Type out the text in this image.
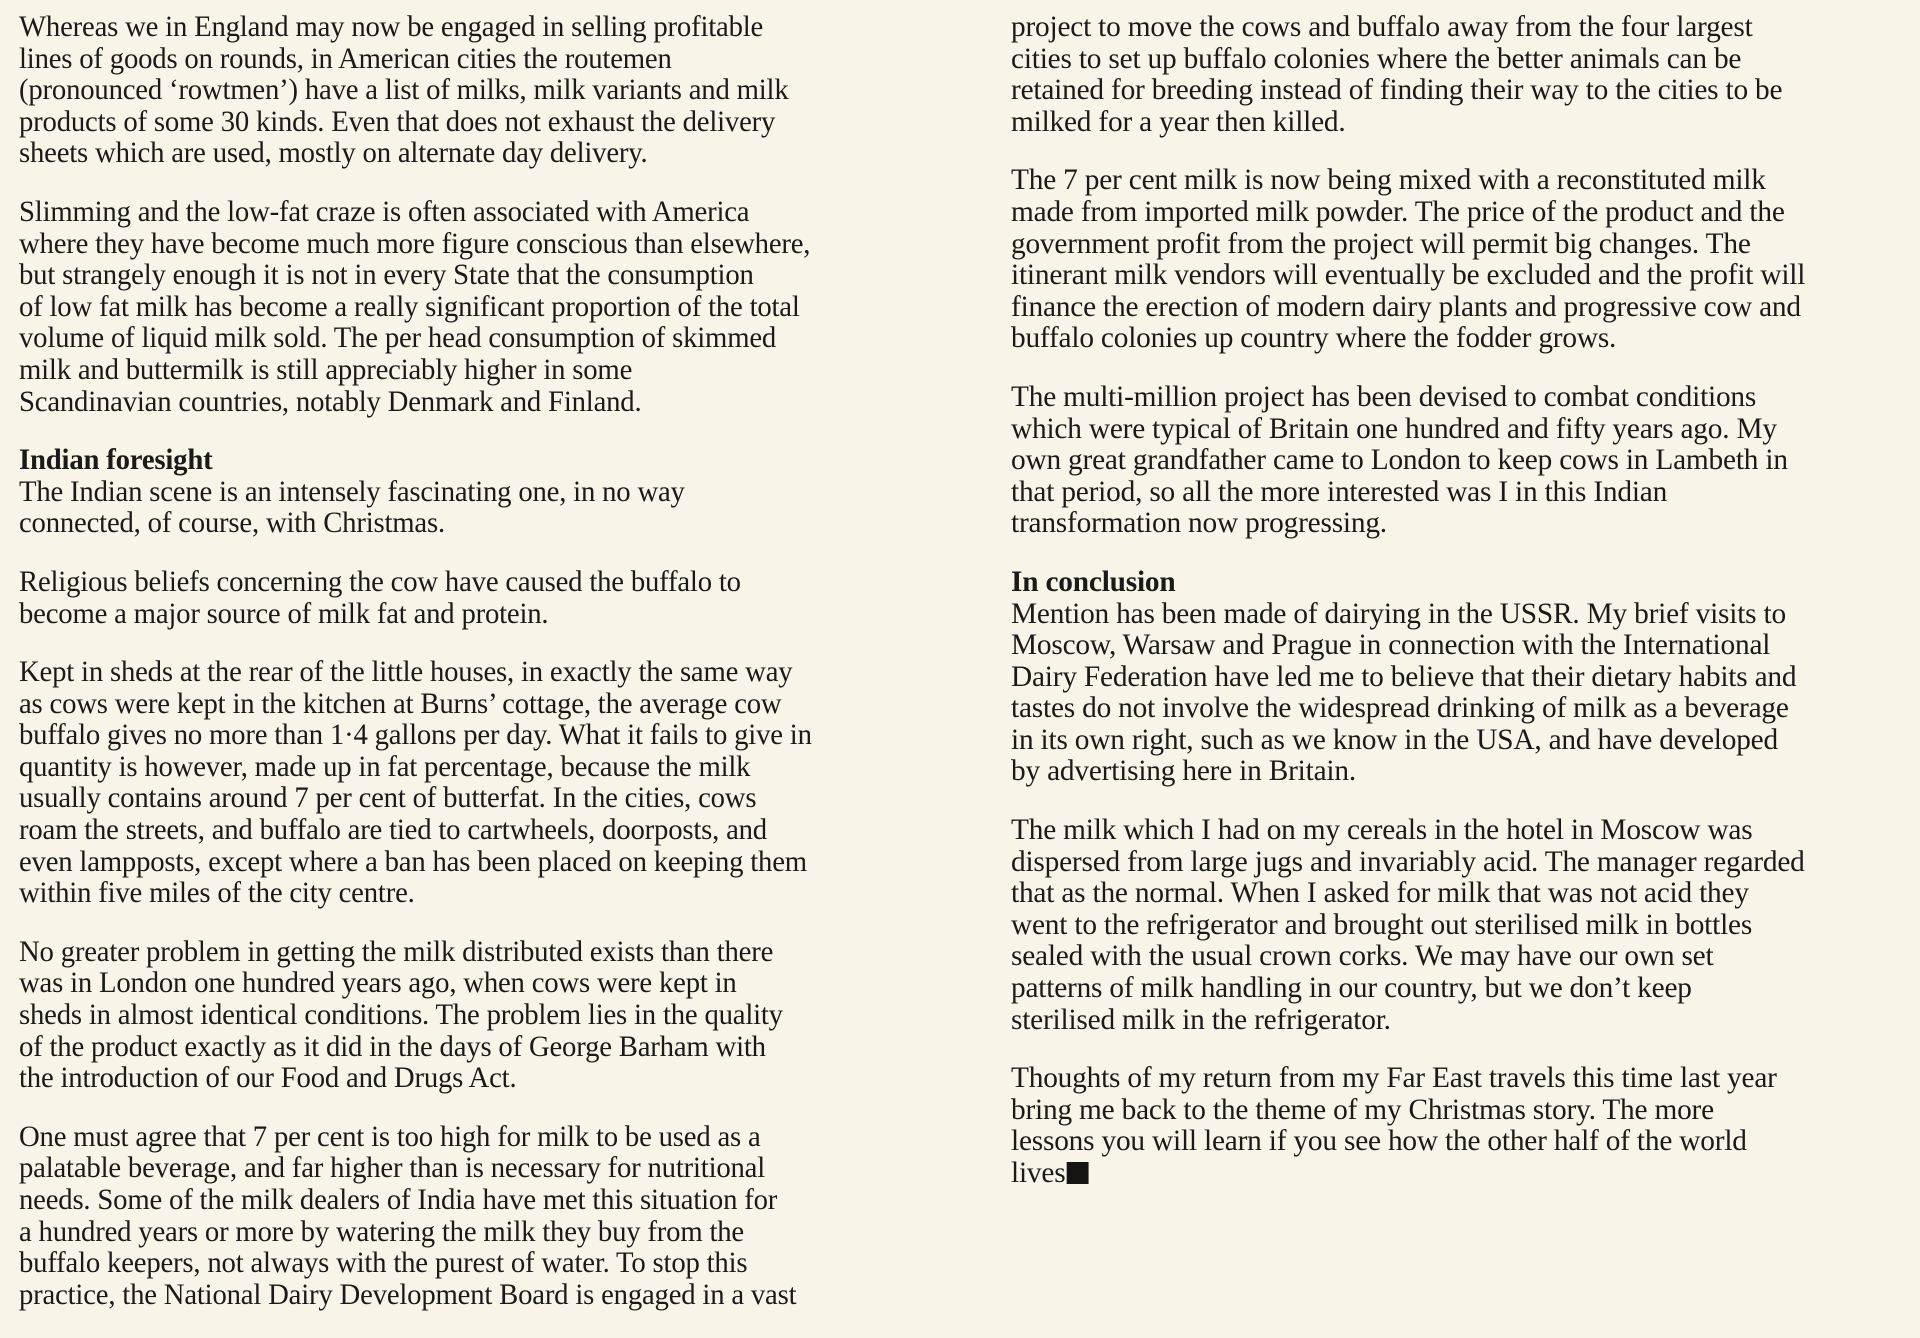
Whereas we in England may now be engaged in selling profitable
lines of goods on rounds, in American cities the routemen
(pronounced ‘rowtmen’) have a list of milks, milk variants and milk
products of some 30 kinds. Even that does not exhaust the delivery
sheets which are used, mostly on alternate day delivery.
Slimming and the low-fat craze is often associated with America
where they have become much more figure conscious than elsewhere,
but strangely enough it is not in every State that the consumption
of low fat milk has become a really significant proportion of the total
volume of liquid milk sold. The per head consumption of skimmed
milk and buttermilk is still appreciably higher in some
Scandinavian countries, notably Denmark and Finland.
Indian foresight
The Indian scene is an intensely fascinating one, in no way
connected, of course, with Christmas.
Religious beliefs concerning the cow have caused the buffalo to
become a major source of milk fat and protein.
Kept in sheds at the rear of the little houses, in exactly the same way
as cows were kept in the kitchen at Burns’ cottage, the average cow
buffalo gives no more than 1·4 gallons per day. What it fails to give in
quantity is however, made up in fat percentage, because the milk
usually contains around 7 per cent of butterfat. In the cities, cows
roam the streets, and buffalo are tied to cartwheels, doorposts, and
even lampposts, except where a ban has been placed on keeping them
within five miles of the city centre.
No greater problem in getting the milk distributed exists than there
was in London one hundred years ago, when cows were kept in
sheds in almost identical conditions. The problem lies in the quality
of the product exactly as it did in the days of George Barham with
the introduction of our Food and Drugs Act.
One must agree that 7 per cent is too high for milk to be used as a
palatable beverage, and far higher than is necessary for nutritional
needs. Some of the milk dealers of India have met this situation for
a hundred years or more by watering the milk they buy from the
buffalo keepers, not always with the purest of water. To stop this
practice, the National Dairy Development Board is engaged in a vast
project to move the cows and buffalo away from the four largest
cities to set up buffalo colonies where the better animals can be
retained for breeding instead of finding their way to the cities to be
milked for a year then killed.
The 7 per cent milk is now being mixed with a reconstituted milk
made from imported milk powder. The price of the product and the
government profit from the project will permit big changes. The
itinerant milk vendors will eventually be excluded and the profit will
finance the erection of modern dairy plants and progressive cow and
buffalo colonies up country where the fodder grows.
The multi-million project has been devised to combat conditions
which were typical of Britain one hundred and fifty years ago. My
own great grandfather came to London to keep cows in Lambeth in
that period, so all the more interested was I in this Indian
transformation now progressing.
In conclusion
Mention has been made of dairying in the USSR. My brief visits to
Moscow, Warsaw and Prague in connection with the International
Dairy Federation have led me to believe that their dietary habits and
tastes do not involve the widespread drinking of milk as a beverage
in its own right, such as we know in the USA, and have developed
by advertising here in Britain.
The milk which I had on my cereals in the hotel in Moscow was
dispersed from large jugs and invariably acid. The manager regarded
that as the normal. When I asked for milk that was not acid they
went to the refrigerator and brought out sterilised milk in bottles
sealed with the usual crown corks. We may have our own set
patterns of milk handling in our country, but we don’t keep
sterilised milk in the refrigerator.
Thoughts of my return from my Far East travels this time last year
bring me back to the theme of my Christmas story. The more
lessons you will learn if you see how the other half of the world
lives
